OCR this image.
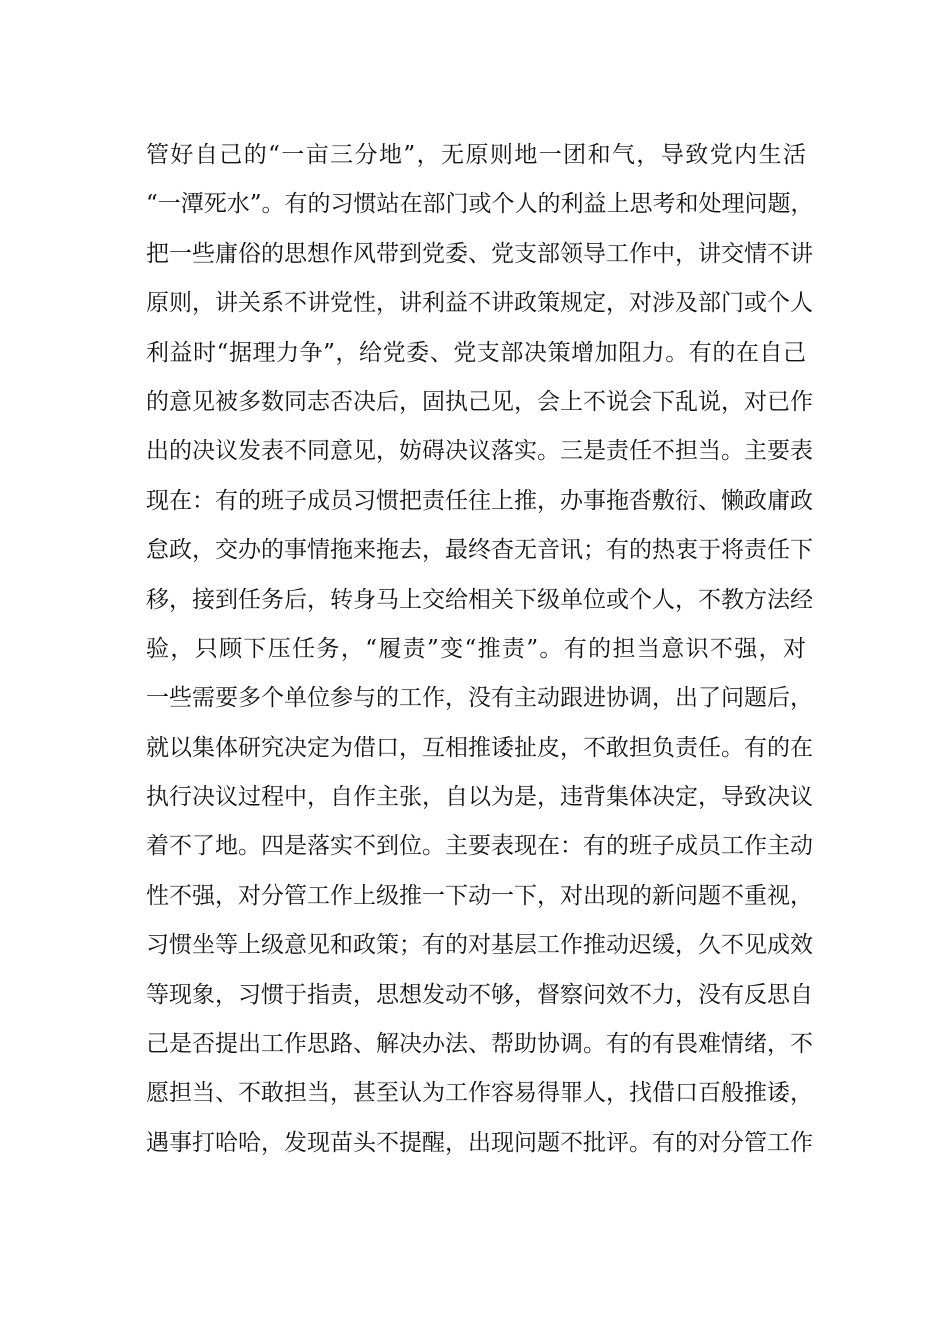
管好自己的“一亩三分地”，无原则地一团和气，导致党内生活
“一潭死水”。有的习惯站在部门或个人的利益上思考和处理问题，
把一些庸俗的思想作风带到党委、党支部领导工作中，讲交情不讲
原则，讲关系不讲党性，讲利益不讲政策规定，对涉及部门或个人
利益时“据理力争”，给党委、党支部决策增加阻力。有的在自己
的意见被多数同志否决后，固执己见，会上不说会下乱说，对已作
出的决议发表不同意见，妨碍决议落实。三是责任不担当。主要表
现在：有的班子成员习惯把责任往上推，办事拖沓敷衍、懒政庸政
怠政，交办的事情拖来拖去，最终杳无音讯；有的热衷于将责任下
移，接到任务后，转身马上交给相关下级单位或个人，不教方法经
验，只顾下压任务，“履责”变“推责”。有的担当意识不强，对
一些需要多个单位参与的工作，没有主动跟进协调，出了问题后，
就以集体研究决定为借口，互相推诿扯皮，不敢担负责任。有的在
执行决议过程中，自作主张，自以为是，违背集体决定，导致决议
着不了地。四是落实不到位。主要表现在：有的班子成员工作主动
性不强，对分管工作上级推一下动一下，对出现的新问题不重视，
习惯坐等上级意见和政策；有的对基层工作推动迟缓，久不见成效
等现象，习惯于指责，思想发动不够，督察问效不力，没有反思自
己是否提出工作思路、解决办法、帮助协调。有的有畏难情绪，不
愿担当、不敢担当，甚至认为工作容易得罪人，找借口百般推诿，
遇事打哈哈，发现苗头不提醒，出现问题不批评。有的对分管工作
